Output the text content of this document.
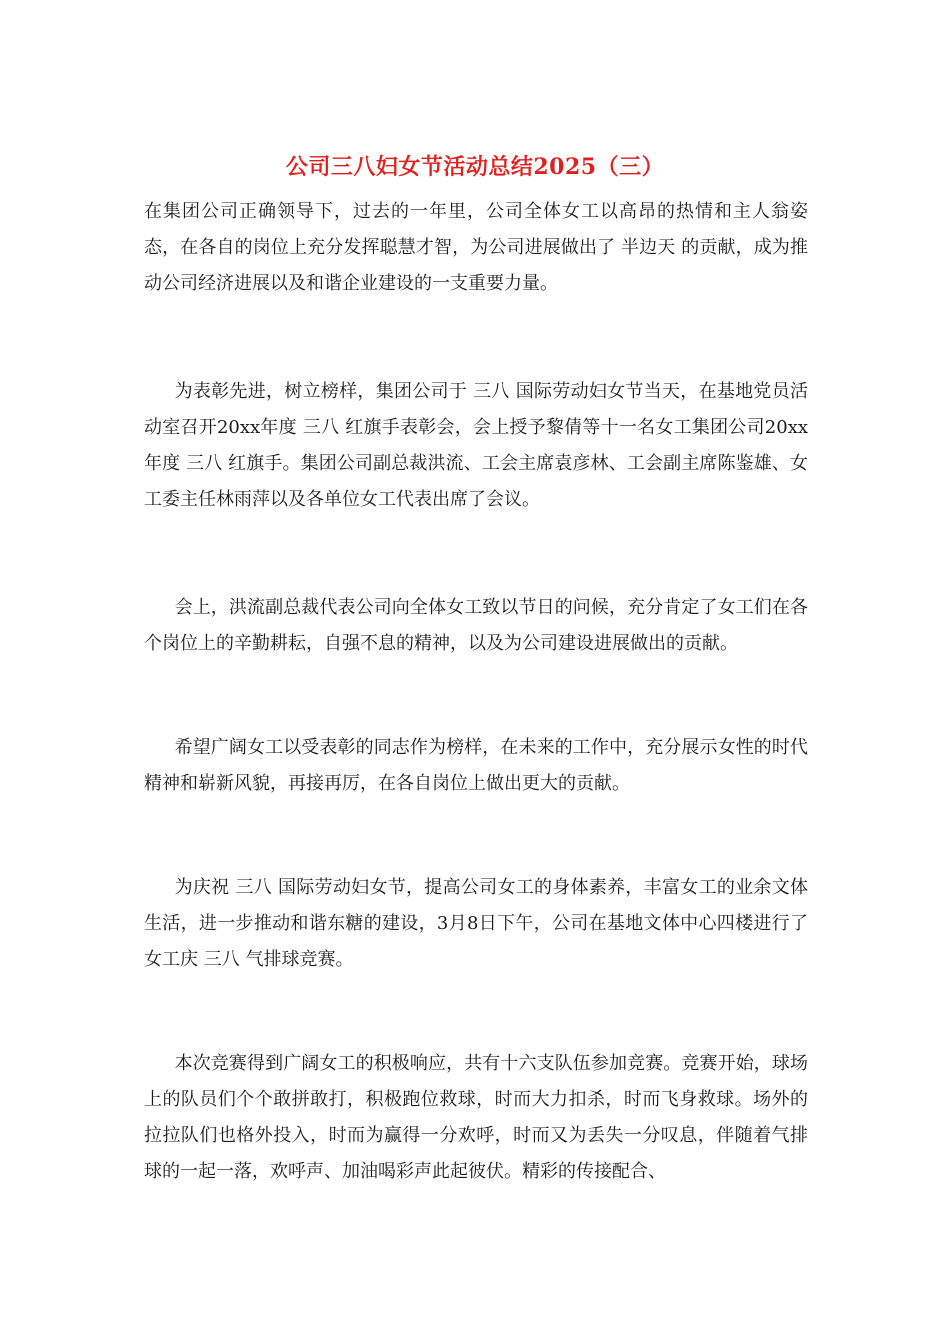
公司三八妇女节活动总结2025（三）

在集团公司正确领导下，过去的一年里，公司全体女工以高昂的热情和主人翁姿态，在各自的岗位上充分发挥聪慧才智，为公司进展做出了 半边天 的贡献，成为推动公司经济进展以及和谐企业建设的一支重要力量。

为表彰先进，树立榜样，集团公司于 三八 国际劳动妇女节当天，在基地党员活动室召开20xx年度 三八 红旗手表彰会，会上授予黎倩等十一名女工集团公司20xx年度 三八 红旗手。集团公司副总裁洪流、工会主席袁彦林、工会副主席陈鉴雄、女工委主任林雨萍以及各单位女工代表出席了会议。

会上，洪流副总裁代表公司向全体女工致以节日的问候，充分肯定了女工们在各个岗位上的辛勤耕耘，自强不息的精神，以及为公司建设进展做出的贡献。

希望广阔女工以受表彰的同志作为榜样，在未来的工作中，充分展示女性的时代精神和崭新风貌，再接再厉，在各自岗位上做出更大的贡献。

为庆祝 三八 国际劳动妇女节，提高公司女工的身体素养，丰富女工的业余文体生活，进一步推动和谐东糖的建设，3月8日下午，公司在基地文体中心四楼进行了女工庆 三八 气排球竞赛。

本次竞赛得到广阔女工的积极响应，共有十六支队伍参加竞赛。竞赛开始，球场上的队员们个个敢拼敢打，积极跑位救球，时而大力扣杀，时而飞身救球。场外的拉拉队们也格外投入，时而为赢得一分欢呼，时而又为丢失一分叹息，伴随着气排球的一起一落，欢呼声、加油喝彩声此起彼伏。精彩的传接配合、
